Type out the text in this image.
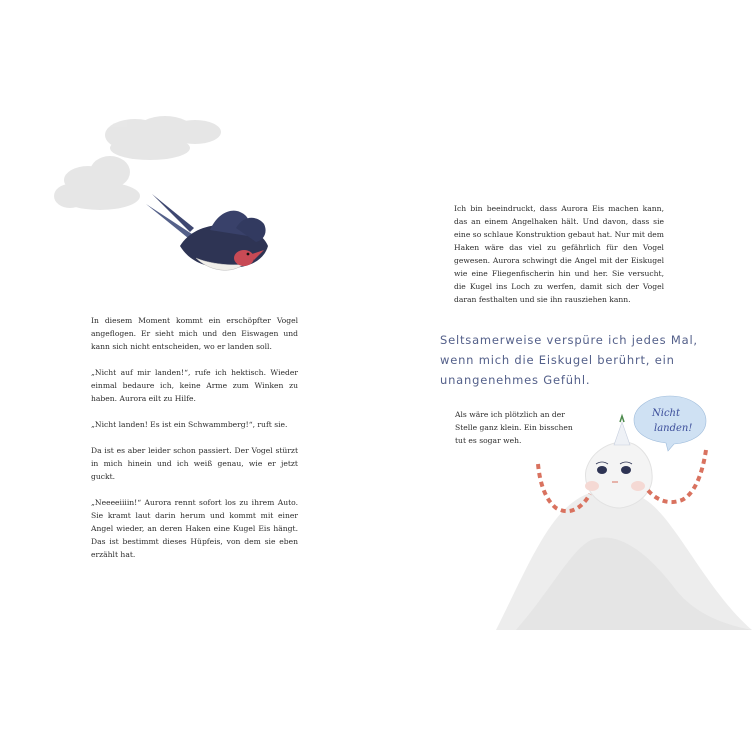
In diesem Moment kommt ein erschöpfter Vogel angeflogen. Er sieht mich und den Eiswagen und kann sich nicht entscheiden, wo er landen soll.

„Nicht auf mir landen!“, rufe ich hektisch. Wieder einmal bedaure ich, keine Arme zum Winken zu haben. Aurora eilt zu Hilfe.

„Nicht landen! Es ist ein Schwammberg!“, ruft sie.

Da ist es aber leider schon passiert. Der Vogel stürzt in mich hinein und ich weiß genau, wie er jetzt guckt.

„Neeeeiiiin!“ Aurora rennt sofort los zu ihrem Auto. Sie kramt laut darin herum und kommt mit einer Angel wieder, an deren Haken eine Kugel Eis hängt. Das ist bestimmt dieses Hüpfeis, von dem sie eben erzählt hat.

Ich bin beeindruckt, dass Aurora Eis machen kann, das an einem Angelhaken hält. Und davon, dass sie eine so schlaue Konstruktion gebaut hat. Nur mit dem Haken wäre das viel zu gefährlich für den Vogel gewesen. Aurora schwingt die Angel mit der Eiskugel wie eine Fliegenfischerin hin und her. Sie versucht, die Kugel ins Loch zu werfen, damit sich der Vogel daran festhalten und sie ihn rausziehen kann.

Seltsamerweise verspüre ich jedes Mal, wenn mich die Eiskugel berührt, ein unangenehmes Gefühl.

Als wäre ich plötzlich an der Stelle ganz klein. Ein bisschen tut es sogar weh.

Nicht
landen!
